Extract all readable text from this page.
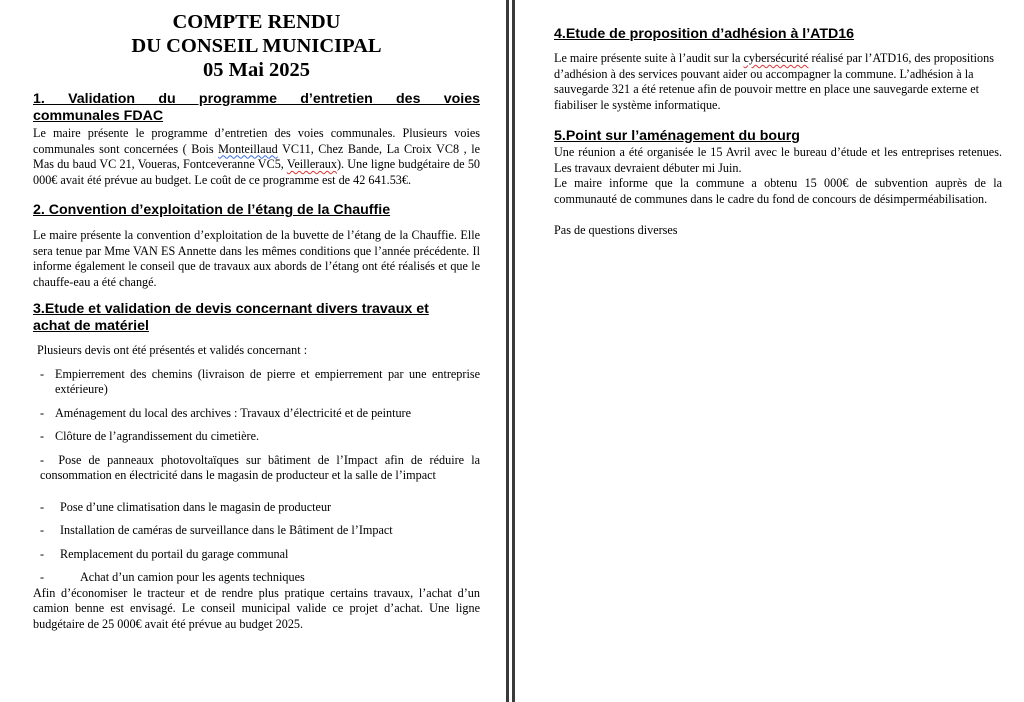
COMPTE RENDU
DU CONSEIL MUNICIPAL
05 Mai 2025
1. Validation du programme d’entretien des voies
communales FDAC

Le maire présente le programme d’entretien des voies communales. Plusieurs voies communales sont concernées ( Bois Monteillaud VC11, Chez Bande, La Croix VC8 , le Mas du baud VC 21, Voueras, Fontceveranne VC5, Veilleraux). Une ligne budgétaire de 50 000€ avait été prévue au budget. Le coût de ce programme est de 42 641.53€.

2. Convention d’exploitation de l’étang de la Chauffie

Le maire présente la convention d’exploitation de la buvette de l’étang de la Chauffie. Elle sera tenue par Mme VAN ES Annette dans les mêmes conditions que l’année précédente. Il informe également le conseil que de travaux aux abords de l’étang ont été réalisés et que le chauffe-eau a été changé.

3.Etude et validation de devis concernant divers travaux et
achat de matériel

Plusieurs devis ont été présentés et validés concernant :

- Empierrement des chemins (livraison de pierre et empierrement par une entreprise extérieure)
- Aménagement du local des archives : Travaux d’électricité et de peinture
- Clôture de l’agrandissement du cimetière.
- Pose de panneaux photovoltaïques sur bâtiment de l’Impact afin de réduire la consommation en électricité dans le magasin de producteur et la salle de l’impact
- Pose d’une climatisation dans le magasin de producteur
- Installation de caméras de surveillance dans le Bâtiment de l’Impact
- Remplacement du portail du garage communal
-	Achat d’un camion pour les agents techniques

Afin d’économiser le tracteur et de rendre plus pratique certains travaux, l’achat d’un camion benne est envisagé. Le conseil municipal valide ce projet d’achat. Une ligne budgétaire de 25 000€ avait été prévue au budget 2025.

4.Etude de proposition d’adhésion à l’ATD16

Le maire présente suite à l’audit sur la cybersécurité réalisé par l’ATD16, des propositions d’adhésion à des services pouvant aider ou accompagner la commune. L’adhésion à la sauvegarde 321 a été retenue afin de pouvoir mettre en place une sauvegarde externe et fiabiliser le système informatique.

5.Point sur l’aménagement du bourg

Une réunion a été organisée le 15 Avril avec le bureau d’étude et les entreprises retenues. Les travaux devraient débuter mi Juin.

Le maire informe que la commune a obtenu 15 000€ de subvention auprès de la communauté de communes dans le cadre du fond de concours de désimperméabilisation.

Pas de questions diverses
